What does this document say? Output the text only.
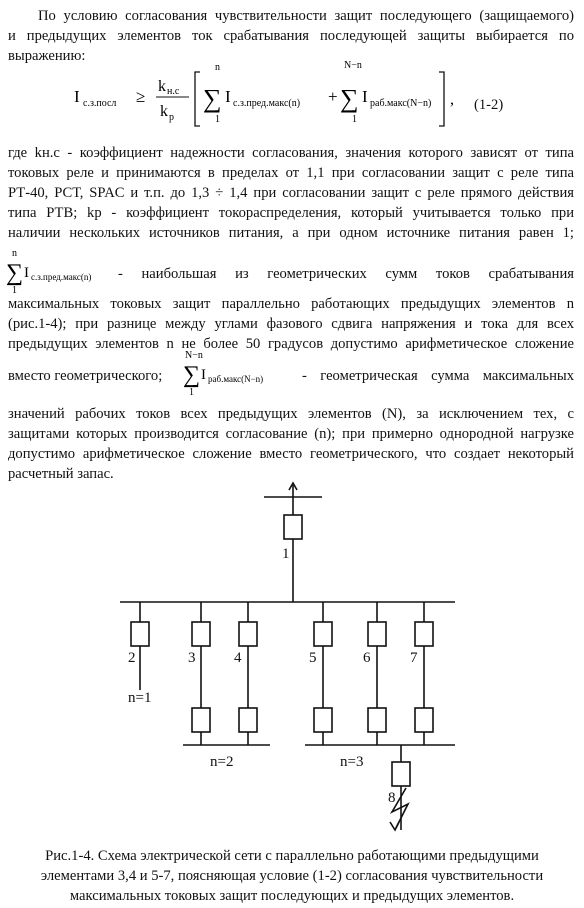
По условию согласования чувствительности защит последующего (защищаемого)
и предыдущих элементов ток срабатывания последующей защиты выбирается по
выражению:
I с.з.посл ≥
k н.с
k р
n
∑
1
I с.з.пред.макс(n) +
N−n
∑
1
I раб.макс(N−n) , (1-2)
где kн.с - коэффициент надежности согласования, значения которого зависят от типа
токовых реле и принимаются в пределах от 1,1 при согласовании защит с реле типа
РТ-40, РСТ, SPAC и т.п. до 1,3 ÷ 1,4 при согласовании защит с реле прямого действия
типа РТВ; kр - коэффициент токораспределения, который учитывается только при
наличии нескольких источников питания, а при одном источнике питания равен 1;
n
∑
1
I с.з.пред.макс(n) - наибольшая из геометрических сумм токов срабатывания
максимальных токовых защит параллельно работающих предыдущих элементов n
(рис.1-4); при разнице между углами фазового сдвига напряжения и тока для всех
предыдущих элементов n не более 50 градусов допустимо арифметическое сложение
вместо геометрического;
N−n
∑
1
I раб.макс(N−n)	- геометрическая сумма максимальных
значений рабочих токов всех предыдущих элементов (N), за исключением тех, с
защитами которых производится согласование (n); при примерно однородной нагрузке
допустимо арифметическое сложение вместо геометрического, что создает некоторый
расчетный запас.
1
2	3	4	5	6	7
8
n=1
n=2	n=3
Рис.1-4. Схема электрической сети с параллельно работающими предыдущими
элементами 3,4 и 5-7, поясняющая условие (1-2) согласования чувствительности
максимальных токовых защит последующих и предыдущих элементов.
